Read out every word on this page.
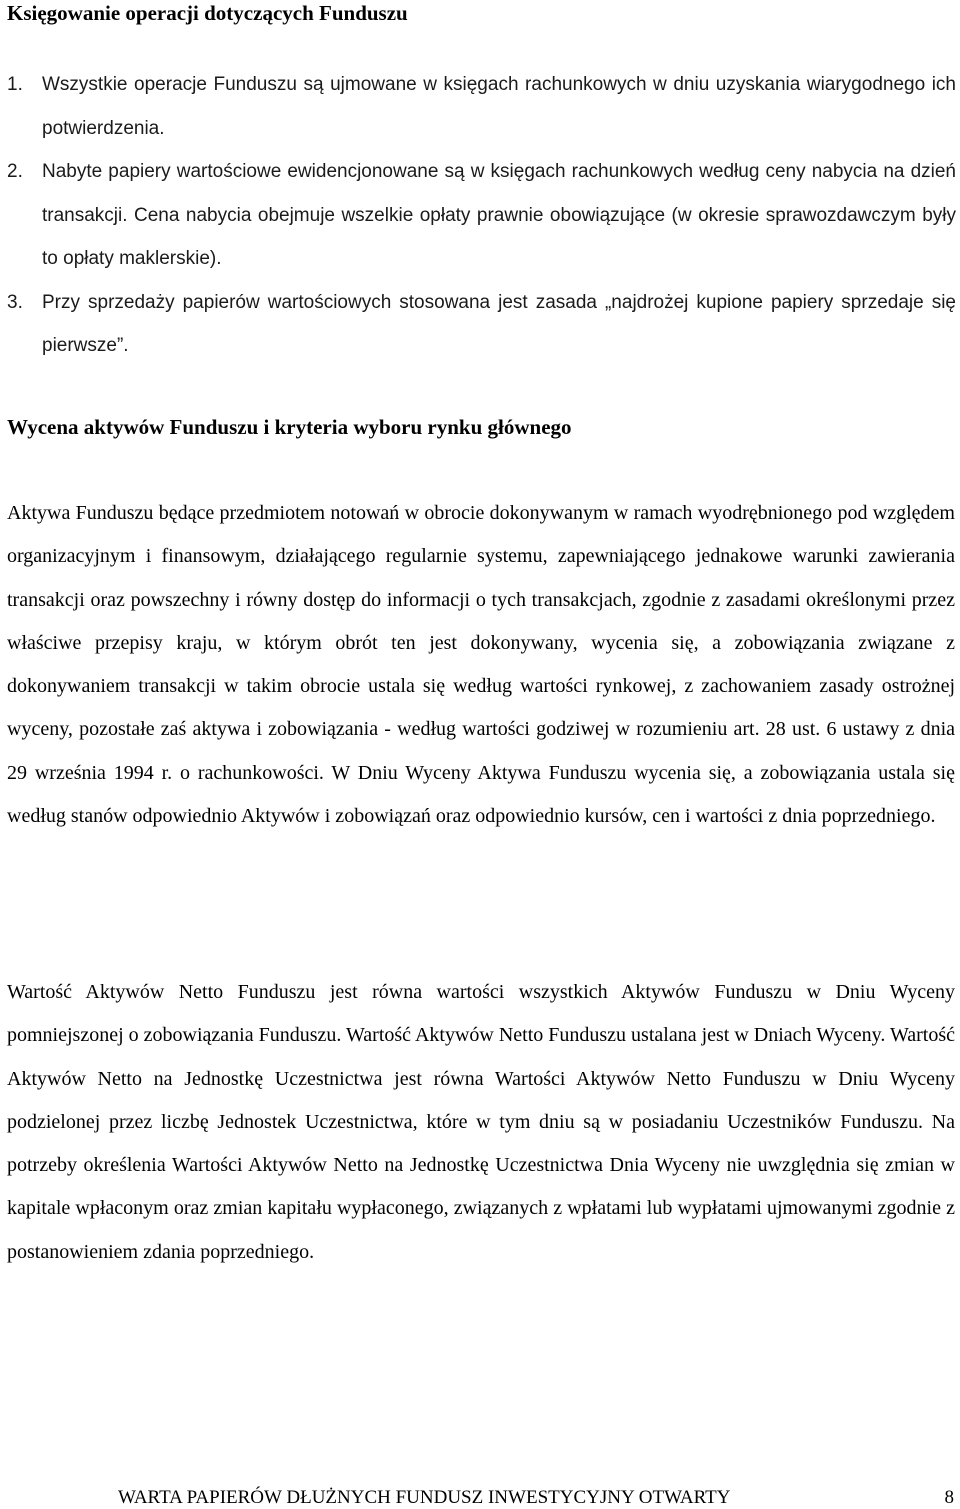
Księgowanie operacji dotyczących Funduszu
1. Wszystkie operacje Funduszu są ujmowane w księgach rachunkowych w dniu uzyskania wiarygodnego ich potwierdzenia.
2. Nabyte papiery wartościowe ewidencjonowane są w księgach rachunkowych według ceny nabycia na dzień transakcji. Cena nabycia obejmuje wszelkie opłaty prawnie obowiązujące (w okresie sprawozdawczym były to opłaty maklerskie).
3. Przy sprzedaży papierów wartościowych stosowana jest zasada „najdrożej kupione papiery sprzedaje się pierwsze”.
Wycena aktywów Funduszu i kryteria wyboru rynku głównego

Aktywa Funduszu będące przedmiotem notowań w obrocie dokonywanym w ramach wyodrębnionego pod względem organizacyjnym i finansowym, działającego regularnie systemu, zapewniającego jednakowe warunki zawierania transakcji oraz powszechny i równy dostęp do informacji o tych transakcjach, zgodnie z zasadami określonymi przez właściwe przepisy kraju, w którym obrót ten jest dokonywany, wycenia się, a zobowiązania związane z dokonywaniem transakcji w takim obrocie ustala się według wartości rynkowej, z zachowaniem zasady ostrożnej wyceny, pozostałe zaś aktywa i zobowiązania - według wartości godziwej w rozumieniu art. 28 ust. 6 ustawy z dnia 29 września 1994 r. o rachunkowości. W Dniu Wyceny Aktywa Funduszu wycenia się, a zobowiązania ustala się według stanów odpowiednio Aktywów i zobowiązań oraz odpowiednio kursów, cen i wartości z dnia poprzedniego.

Wartość Aktywów Netto Funduszu jest równa wartości wszystkich Aktywów Funduszu w Dniu Wyceny pomniejszonej o zobowiązania Funduszu. Wartość Aktywów Netto Funduszu ustalana jest w Dniach Wyceny. Wartość Aktywów Netto na Jednostkę Uczestnictwa jest równa Wartości Aktywów Netto Funduszu w Dniu Wyceny podzielonej przez liczbę Jednostek Uczestnictwa, które w tym dniu są w posiadaniu Uczestników Funduszu. Na potrzeby określenia Wartości Aktywów Netto na Jednostkę Uczestnictwa Dnia Wyceny nie uwzględnia się zmian w kapitale wpłaconym oraz zmian kapitału wypłaconego, związanych z wpłatami lub wypłatami ujmowanymi zgodnie z postanowieniem zdania poprzedniego.

WARTA PAPIERÓW DŁUŻNYCH FUNDUSZ INWESTYCYJNY OTWARTY	8
